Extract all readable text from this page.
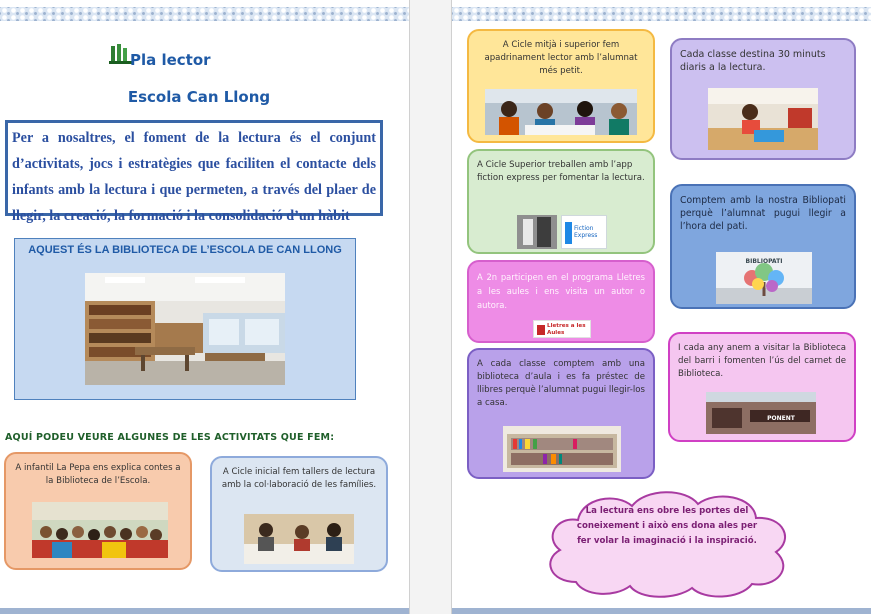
Pla lector
Escola Can Llong
Per a nosaltres, el foment de la lectura és el conjunt d’activitats, jocs i estratègies que faciliten el contacte dels infants amb la lectura i que permeten, a través del plaer de llegir, la creació, la formació i la consolidació d’un hàbit
AQUEST ÉS LA BIBLIOTECA DE L’ESCOLA DE CAN LLONG
AQUÍ PODEU VEURE ALGUNES DE LES ACTIVITATS QUE FEM:
A infantil La Pepa ens explica contes a la Biblioteca de l’Escola.
A Cicle inicial fem tallers de lectura amb la col·laboració de les famílies.
A Cicle mitjà i superior fem apadrinament lector amb l’alumnat més petit.
Cada classe destina 30 minuts diaris a la lectura.
A Cicle Superior treballen amb l’app fiction express per fomentar la lectura.
Fiction Express
Comptem amb la nostra Bibliopati perquè l’alumnat pugui llegir a l’hora del pati.
BIBLIOPATI
A 2n participen en el programa Lletres a les aules i ens visita un autor o autora.
Lletres a les Aules
I cada any anem a visitar la Biblioteca del barri i fomenten l’ús del carnet de Biblioteca.
PONENT
A cada classe comptem amb una biblioteca d’aula i es fa préstec de llibres perquè l’alumnat pugui llegir-los a casa.
La lectura ens obre les portes del coneixement i això ens dona ales per fer volar la imaginació i la inspiració.
